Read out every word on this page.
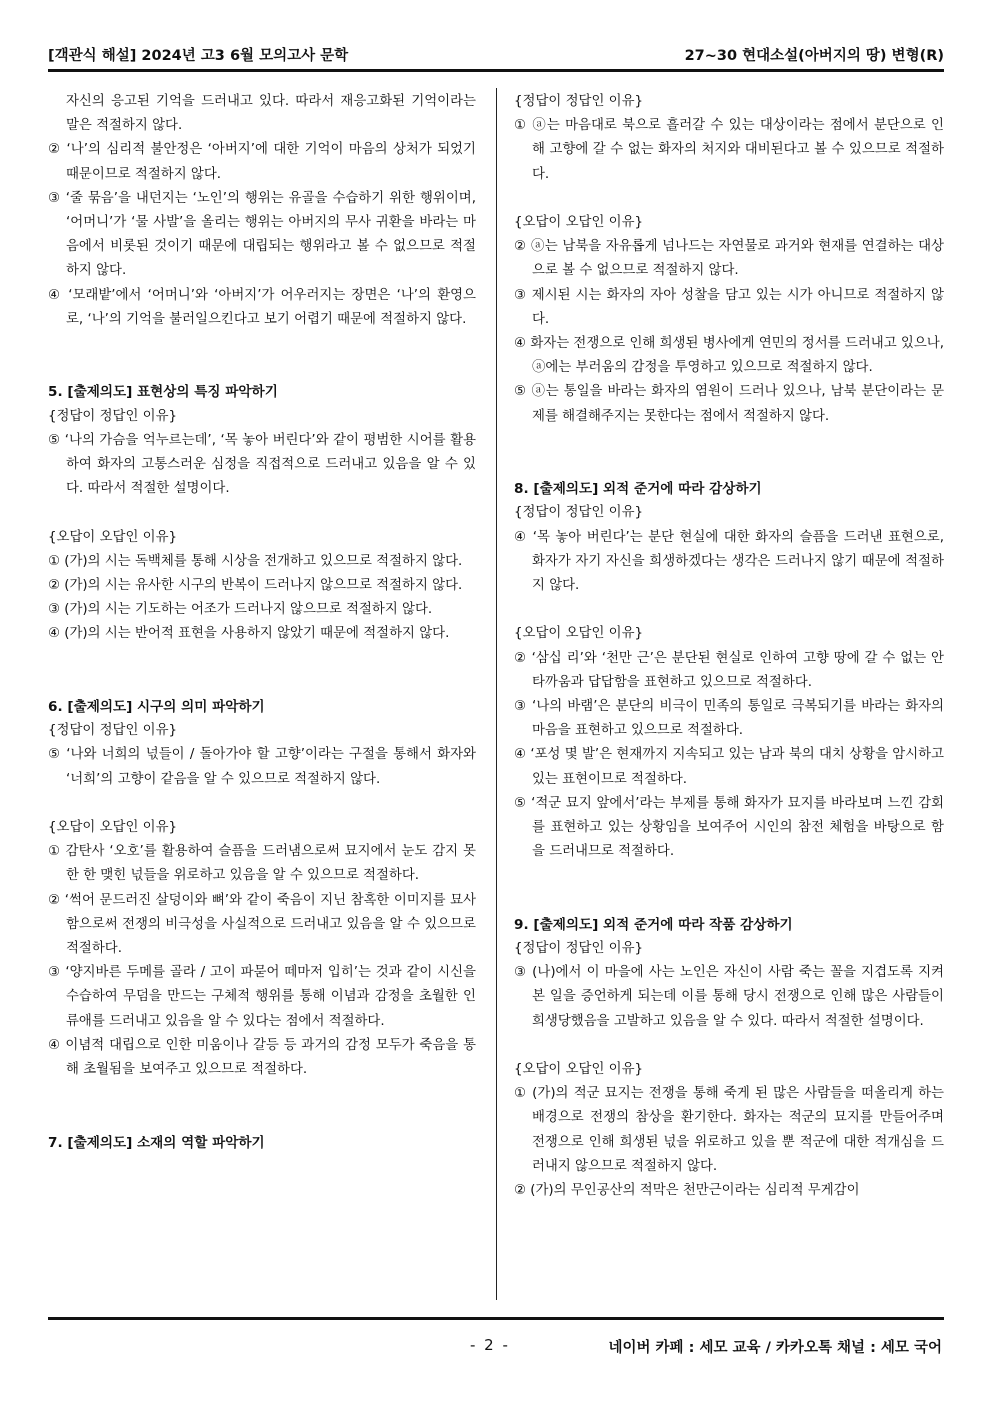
[객관식 해설] 2024년 고3 6월 모의고사 문학	27~30 현대소설(아버지의 땅) 변형(R)
자신의 응고된 기억을 드러내고 있다. 따라서 재응고화된 기억이라는 말은 적절하지 않다.
② ‘나’의 심리적 불안정은 ‘아버지’에 대한 기억이 마음의 상처가 되었기 때문이므로 적절하지 않다.
③ ‘줄 묶음’을 내던지는 ‘노인’의 행위는 유골을 수습하기 위한 행위이며, ‘어머니’가 ‘물 사발’을 올리는 행위는 아버지의 무사 귀환을 바라는 마음에서 비롯된 것이기 때문에 대립되는 행위라고 볼 수 없으므로 적절하지 않다.
④ ‘모래밭’에서 ‘어머니’와 ‘아버지’가 어우러지는 장면은 ‘나’의 환영으로, ‘나’의 기억을 불러일으킨다고 보기 어렵기 때문에 적절하지 않다.
5. [출제의도] 표현상의 특징 파악하기
{정답이 정답인 이유}
⑤ ‘나의 가슴을 억누르는데’, ‘목 놓아 버린다’와 같이 평범한 시어를 활용하여 화자의 고통스러운 심정을 직접적으로 드러내고 있음을 알 수 있다. 따라서 적절한 설명이다.
{오답이 오답인 이유}
① (가)의 시는 독백체를 통해 시상을 전개하고 있으므로 적절하지 않다.
② (가)의 시는 유사한 시구의 반복이 드러나지 않으므로 적절하지 않다.
③ (가)의 시는 기도하는 어조가 드러나지 않으므로 적절하지 않다.
④ (가)의 시는 반어적 표현을 사용하지 않았기 때문에 적절하지 않다.
6. [출제의도] 시구의 의미 파악하기
{정답이 정답인 이유}
⑤ ‘나와 너희의 넋들이 / 돌아가야 할 고향’이라는 구절을 통해서 화자와 ‘너희’의 고향이 같음을 알 수 있으므로 적절하지 않다.
{오답이 오답인 이유}
① 감탄사 ‘오호’를 활용하여 슬픔을 드러냄으로써 묘지에서 눈도 감지 못한 한 맺힌 넋들을 위로하고 있음을 알 수 있으므로 적절하다.
② ‘썩어 문드러진 살덩이와 뼈’와 같이 죽음이 지닌 참혹한 이미지를 묘사함으로써 전쟁의 비극성을 사실적으로 드러내고 있음을 알 수 있으므로 적절하다.
③ ‘양지바른 두메를 골라 / 고이 파묻어 떼마저 입히’는 것과 같이 시신을 수습하여 무덤을 만드는 구체적 행위를 통해 이념과 감정을 초월한 인류애를 드러내고 있음을 알 수 있다는 점에서 적절하다.
④ 이념적 대립으로 인한 미움이나 갈등 등 과거의 감정 모두가 죽음을 통해 초월됨을 보여주고 있으므로 적절하다.
7. [출제의도] 소재의 역할 파악하기
{정답이 정답인 이유}
① ⓐ는 마음대로 북으로 흘러갈 수 있는 대상이라는 점에서 분단으로 인해 고향에 갈 수 없는 화자의 처지와 대비된다고 볼 수 있으므로 적절하다.
{오답이 오답인 이유}
② ⓐ는 남북을 자유롭게 넘나드는 자연물로 과거와 현재를 연결하는 대상으로 볼 수 없으므로 적절하지 않다.
③ 제시된 시는 화자의 자아 성찰을 담고 있는 시가 아니므로 적절하지 않다.
④ 화자는 전쟁으로 인해 희생된 병사에게 연민의 정서를 드러내고 있으나, ⓐ에는 부러움의 감정을 투영하고 있으므로 적절하지 않다.
⑤ ⓐ는 통일을 바라는 화자의 염원이 드러나 있으나, 남북 분단이라는 문제를 해결해주지는 못한다는 점에서 적절하지 않다.
8. [출제의도] 외적 준거에 따라 감상하기
{정답이 정답인 이유}
④ ‘목 놓아 버린다’는 분단 현실에 대한 화자의 슬픔을 드러낸 표현으로, 화자가 자기 자신을 희생하겠다는 생각은 드러나지 않기 때문에 적절하지 않다.
{오답이 오답인 이유}
② ‘삼십 리’와 ‘천만 근’은 분단된 현실로 인하여 고향 땅에 갈 수 없는 안타까움과 답답함을 표현하고 있으므로 적절하다.
③ ‘나의 바램’은 분단의 비극이 민족의 통일로 극복되기를 바라는 화자의 마음을 표현하고 있으므로 적절하다.
④ ‘포성 몇 발’은 현재까지 지속되고 있는 남과 북의 대치 상황을 암시하고 있는 표현이므로 적절하다.
⑤ ‘적군 묘지 앞에서’라는 부제를 통해 화자가 묘지를 바라보며 느낀 감회를 표현하고 있는 상황임을 보여주어 시인의 참전 체험을 바탕으로 함을 드러내므로 적절하다.
9. [출제의도] 외적 준거에 따라 작품 감상하기
{정답이 정답인 이유}
③ (나)에서 이 마을에 사는 노인은 자신이 사람 죽는 꼴을 지겹도록 지켜본 일을 증언하게 되는데 이를 통해 당시 전쟁으로 인해 많은 사람들이 희생당했음을 고발하고 있음을 알 수 있다. 따라서 적절한 설명이다.
{오답이 오답인 이유}
① (가)의 적군 묘지는 전쟁을 통해 죽게 된 많은 사람들을 떠올리게 하는 배경으로 전쟁의 참상을 환기한다. 화자는 적군의 묘지를 만들어주며 전쟁으로 인해 희생된 넋을 위로하고 있을 뿐 적군에 대한 적개심을 드러내지 않으므로 적절하지 않다.
② (가)의 무인공산의 적막은 천만근이라는 심리적 무게감이
- 2 -	네이버 카페 : 세모 교육 / 카카오톡 채널 : 세모 국어
